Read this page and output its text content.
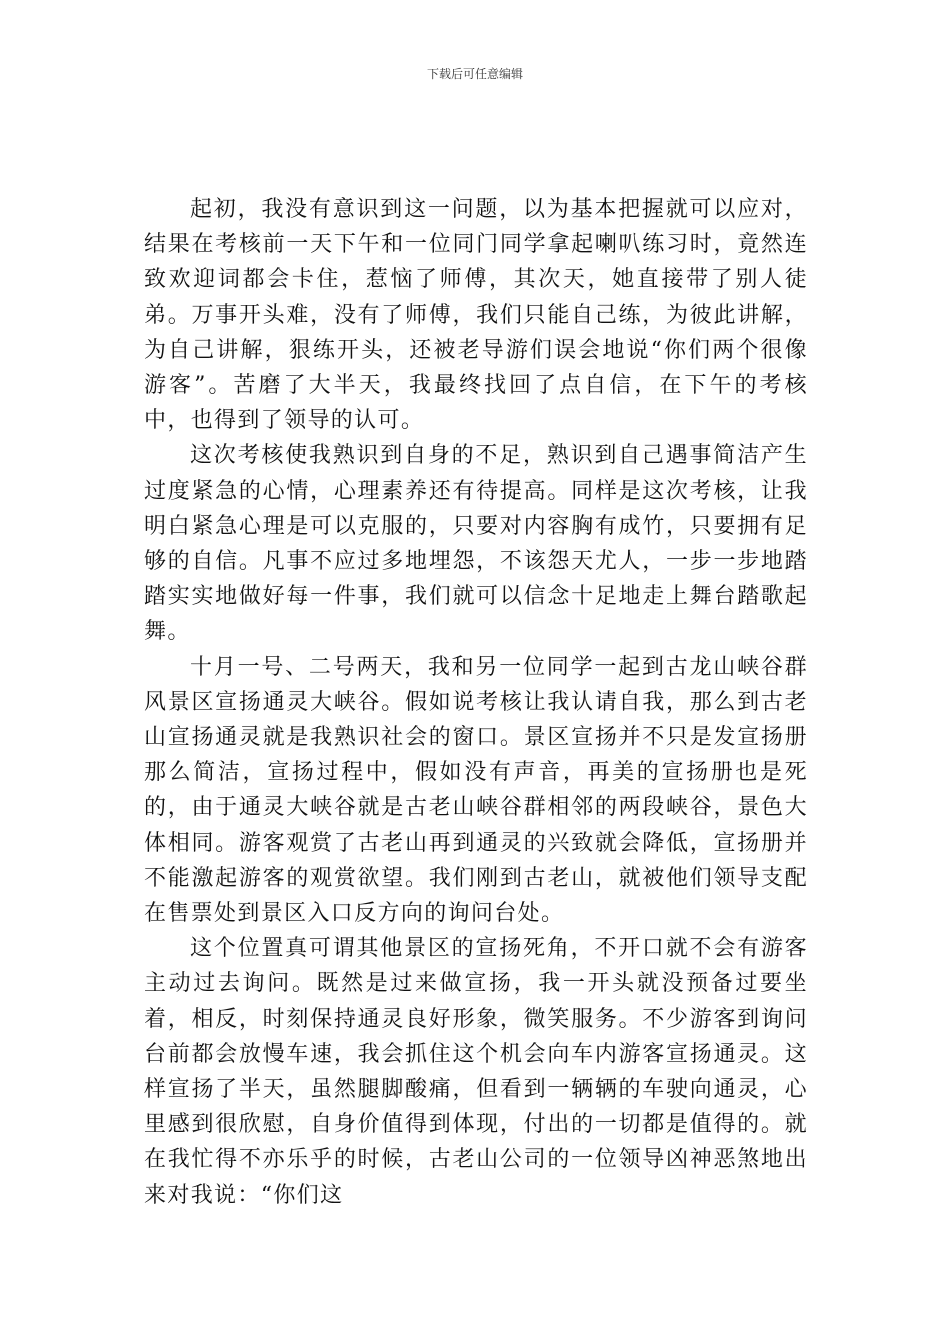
下载后可任意编辑

起初，我没有意识到这一问题，以为基本把握就可以应对，结果在考核前一天下午和一位同门同学拿起喇叭练习时，竟然连致欢迎词都会卡住，惹恼了师傅，其次天，她直接带了别人徒弟。万事开头难，没有了师傅，我们只能自己练，为彼此讲解，为自己讲解，狠练开头，还被老导游们误会地说“你们两个很像游客”。苦磨了大半天，我最终找回了点自信，在下午的考核中，也得到了领导的认可。

这次考核使我熟识到自身的不足，熟识到自己遇事简洁产生过度紧急的心情，心理素养还有待提高。同样是这次考核，让我明白紧急心理是可以克服的，只要对内容胸有成竹，只要拥有足够的自信。凡事不应过多地埋怨，不该怨天尤人，一步一步地踏踏实实地做好每一件事，我们就可以信念十足地走上舞台踏歌起舞。

十月一号、二号两天，我和另一位同学一起到古龙山峡谷群风景区宣扬通灵大峡谷。假如说考核让我认请自我，那么到古老山宣扬通灵就是我熟识社会的窗口。景区宣扬并不只是发宣扬册那么简洁，宣扬过程中，假如没有声音，再美的宣扬册也是死的，由于通灵大峡谷就是古老山峡谷群相邻的两段峡谷，景色大体相同。游客观赏了古老山再到通灵的兴致就会降低，宣扬册并不能激起游客的观赏欲望。我们刚到古老山，就被他们领导支配在售票处到景区入口反方向的询问台处。

这个位置真可谓其他景区的宣扬死角，不开口就不会有游客主动过去询问。既然是过来做宣扬，我一开头就没预备过要坐着，相反，时刻保持通灵良好形象，微笑服务。不少游客到询问台前都会放慢车速，我会抓住这个机会向车内游客宣扬通灵。这样宣扬了半天，虽然腿脚酸痛，但看到一辆辆的车驶向通灵，心里感到很欣慰，自身价值得到体现，付出的一切都是值得的。就在我忙得不亦乐乎的时候，古老山公司的一位领导凶神恶煞地出来对我说：“你们这
